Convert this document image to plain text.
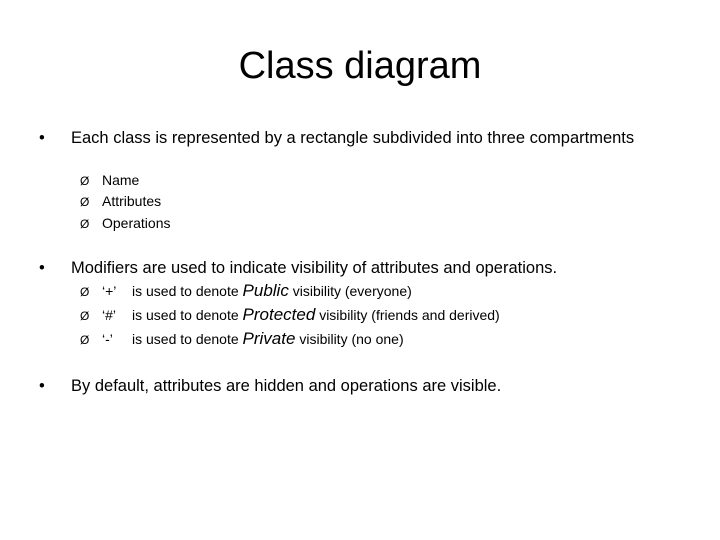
Class diagram
•	Each class is represented by a rectangle subdivided into three compartments
Ø Name
Ø Attributes
Ø Operations
•	Modifiers are used to indicate visibility of attributes and operations.
Ø ‘+’ is used to denote Public visibility (everyone)
Ø ‘#’ is used to denote Protected visibility (friends and derived)
Ø ‘-’ is used to denote Private visibility (no one)
•	By default, attributes are hidden and operations are visible.
